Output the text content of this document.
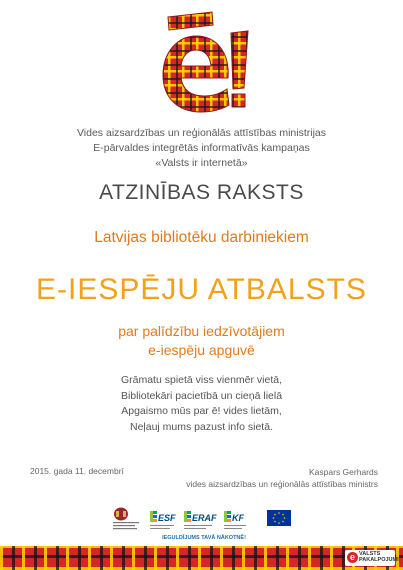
Vides aizsardzības un reģionālās attīstības ministrijas
E-pārvaldes integrētās informatīvās kampaņas
«Valsts ir internetā»
ATZINĪBAS RAKSTS
Latvijas bibliotēku darbiniekiem
E-IESPĒJU ATBALSTS
par palīdzību iedzīvotājiem
e-iespēju apguvē
Grāmatu spietā viss vienmēr vietā,
Bibliotekāri pacietībā un cieņā lielā
Apgaismo mūs par ē! vides lietām,
Neļauj mums pazust info sietā.
2015. gada 11. decembrī	Kaspars Gerhards
vides aizsardzības un reģionālās attīstības ministrs
ESF ERAF KF
IEGULDĪJUMS TAVĀ NĀKOTNĒ!
e VALSTS
PAKALPOJUMI
